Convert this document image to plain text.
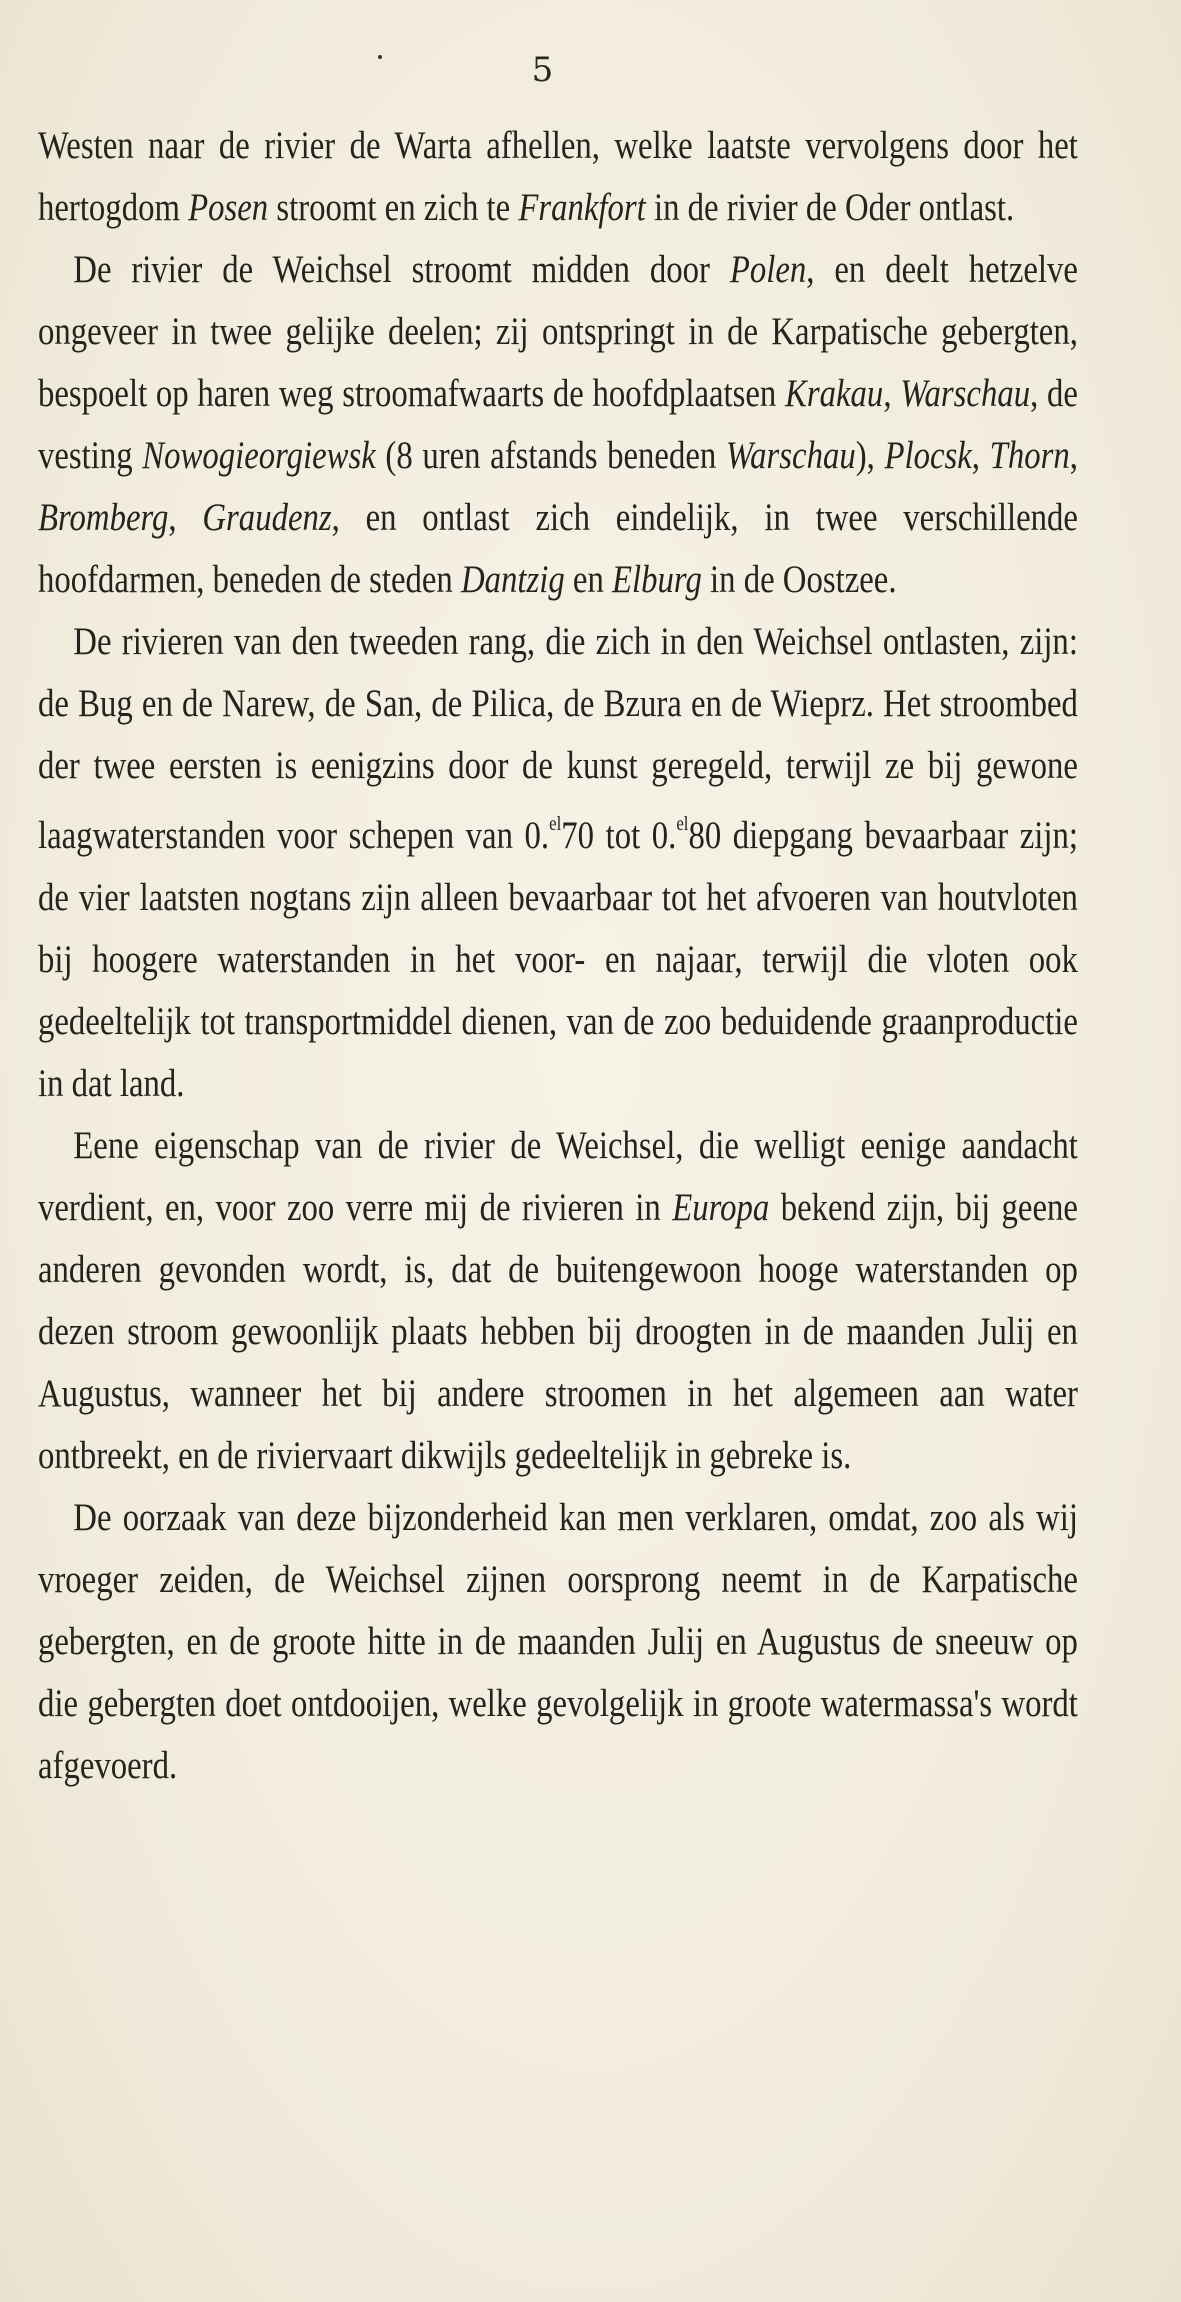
5

Westen naar de rivier de Warta afhellen, welke laatste vervolgens door het hertogdom Posen stroomt en zich te Frankfort in de rivier de Oder ontlast.

De rivier de Weichsel stroomt midden door Polen, en deelt hetzelve ongeveer in twee gelijke deelen; zij ontspringt in de Karpatische gebergten, bespoelt op haren weg stroomafwaarts de hoofdplaatsen Krakau, Warschau, de vesting Nowogieorgiewsk (8 uren afstands beneden Warschau), Plocsk, Thorn, Bromberg, Graudenz, en ontlast zich eindelijk, in twee verschillende hoofdarmen, beneden de steden Dantzig en Elburg in de Oostzee.

De rivieren van den tweeden rang, die zich in den Weichsel ontlasten, zijn: de Bug en de Narew, de San, de Pilica, de Bzura en de Wieprz. Het stroombed der twee eersten is eenigzins door de kunst geregeld, terwijl ze bij gewone laagwaterstanden voor schepen van 0.$^{el}$70 tot 0.$^{el}$80 diepgang bevaarbaar zijn; de vier laatsten nogtans zijn alleen bevaarbaar tot het afvoeren van houtvloten bij hoogere waterstanden in het voor- en najaar, terwijl die vloten ook gedeeltelijk tot transportmiddel dienen, van de zoo beduidende graanproductie in dat land.

Eene eigenschap van de rivier de Weichsel, die welligt eenige aandacht verdient, en, voor zoo verre mij de rivieren in Europa bekend zijn, bij geene anderen gevonden wordt, is, dat de buitengewoon hooge waterstanden op dezen stroom gewoonlijk plaats hebben bij droogten in de maanden Julij en Augustus, wanneer het bij andere stroomen in het algemeen aan water ontbreekt, en de riviervaart dikwijls gedeeltelijk in gebreke is.

De oorzaak van deze bijzonderheid kan men verklaren, omdat, zoo als wij vroeger zeiden, de Weichsel zijnen oorsprong neemt in de Karpatische gebergten, en de groote hitte in de maanden Julij en Augustus de sneeuw op die gebergten doet ontdooijen, welke gevolgelijk in groote watermassa's wordt afgevoerd.
